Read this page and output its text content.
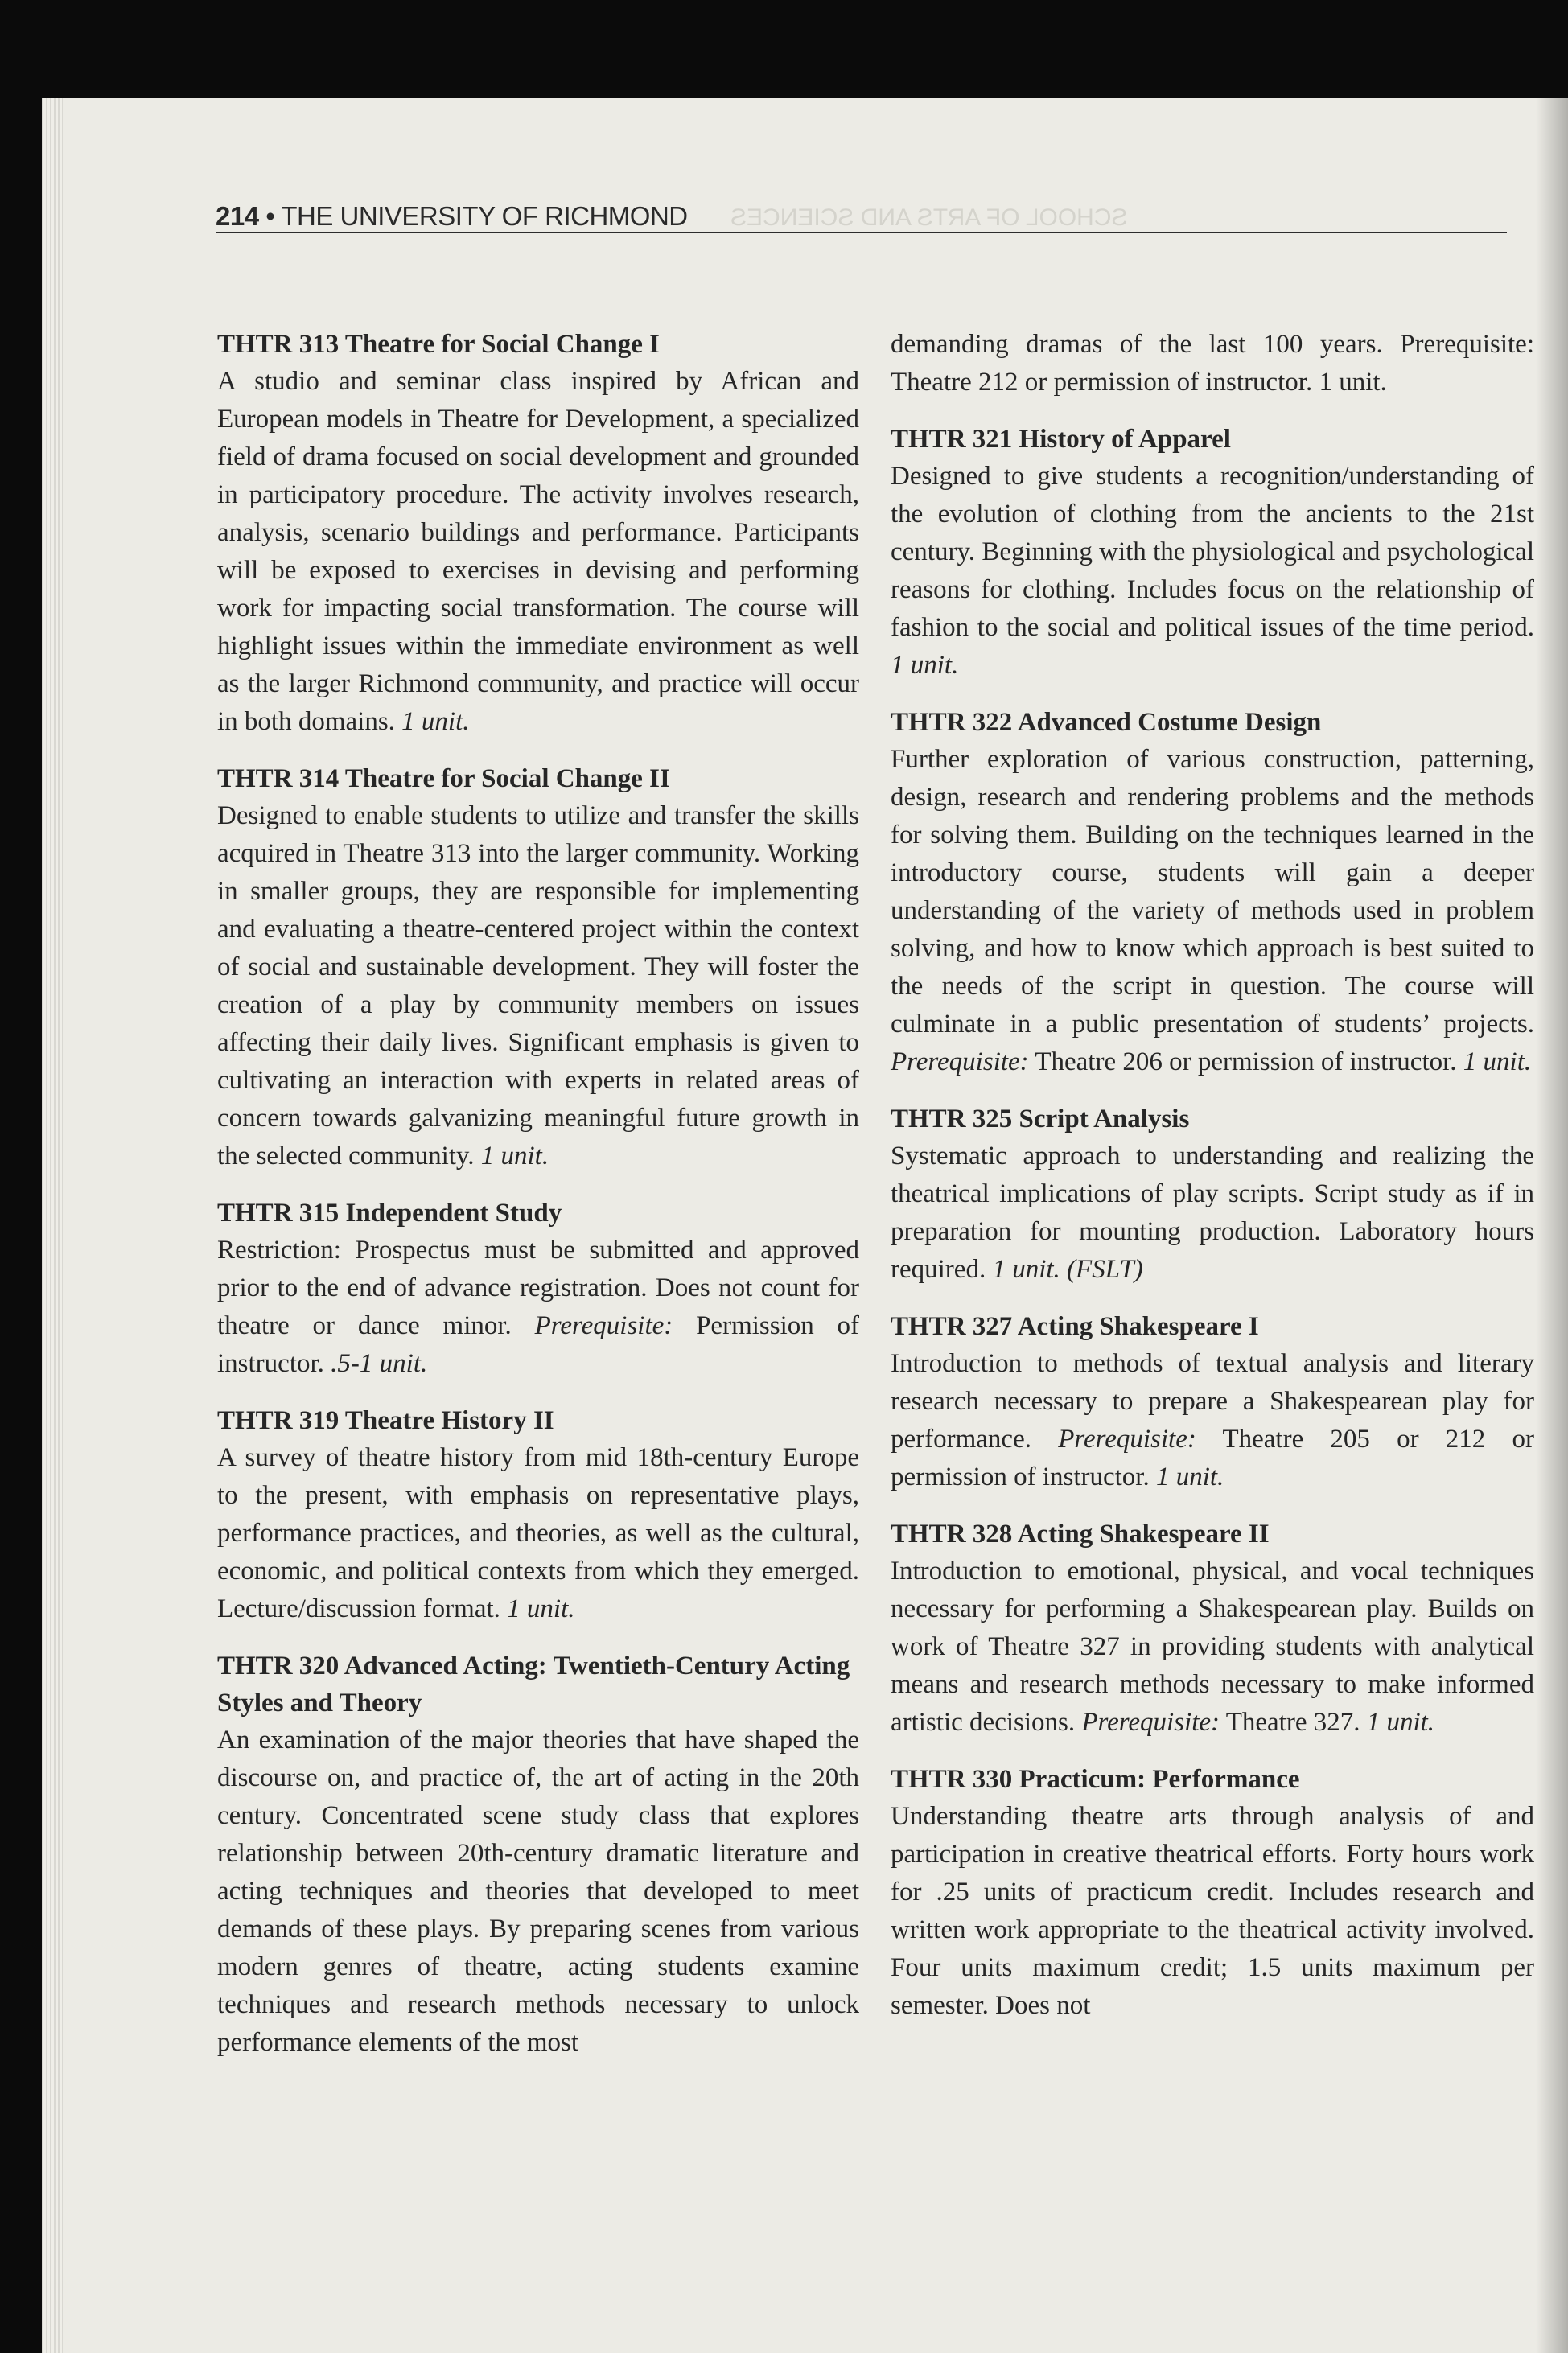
214 • THE UNIVERSITY OF RICHMOND SCHOOL OF ARTS AND SCIENCES

THTR 313 Theatre for Social Change I

A studio and seminar class inspired by African and European models in Theatre for Development, a specialized field of drama focused on social development and grounded in participatory procedure. The activity involves research, analysis, scenario buildings and performance. Participants will be exposed to exercises in devising and performing work for impacting social transformation. The course will highlight issues within the immediate environment as well as the larger Richmond community, and practice will occur in both domains. 1 unit.

THTR 314 Theatre for Social Change II

Designed to enable students to utilize and transfer the skills acquired in Theatre 313 into the larger community. Working in smaller groups, they are responsible for implementing and evaluating a theatre-centered project within the context of social and sustainable development. They will foster the creation of a play by community members on issues affecting their daily lives. Significant emphasis is given to cultivating an interaction with experts in related areas of concern towards galvanizing meaningful future growth in the selected community. 1 unit.

THTR 315 Independent Study

Restriction: Prospectus must be submitted and approved prior to the end of advance registration. Does not count for theatre or dance minor. Prerequisite: Permission of instructor. .5-1 unit.

THTR 319 Theatre History II

A survey of theatre history from mid 18th-century Europe to the present, with emphasis on representative plays, performance practices, and theories, as well as the cultural, economic, and political contexts from which they emerged. Lecture/discussion format. 1 unit.

THTR 320 Advanced Acting: Twentieth-Century Acting Styles and Theory

An examination of the major theories that have shaped the discourse on, and practice of, the art of acting in the 20th century. Concentrated scene study class that explores relationship between 20th-century dramatic literature and acting techniques and theories that developed to meet demands of these plays. By preparing scenes from various modern genres of theatre, acting students examine techniques and research methods necessary to unlock performance elements of the most

demanding dramas of the last 100 years. Prerequisite: Theatre 212 or permission of instructor. 1 unit.

THTR 321 History of Apparel

Designed to give students a recognition/understanding of the evolution of clothing from the ancients to the 21st century. Beginning with the physiological and psychological reasons for clothing. Includes focus on the relationship of fashion to the social and political issues of the time period. 1 unit.

THTR 322 Advanced Costume Design

Further exploration of various construction, patterning, design, research and rendering problems and the methods for solving them. Building on the techniques learned in the introductory course, students will gain a deeper understanding of the variety of methods used in problem solving, and how to know which approach is best suited to the needs of the script in question. The course will culminate in a public presentation of students’ projects. Prerequisite: Theatre 206 or permission of instructor. 1 unit.

THTR 325 Script Analysis

Systematic approach to understanding and realizing the theatrical implications of play scripts. Script study as if in preparation for mounting production. Laboratory hours required. 1 unit. (FSLT)

THTR 327 Acting Shakespeare I

Introduction to methods of textual analysis and literary research necessary to prepare a Shakespearean play for performance. Prerequisite: Theatre 205 or 212 or permission of instructor. 1 unit.

THTR 328 Acting Shakespeare II

Introduction to emotional, physical, and vocal techniques necessary for performing a Shakespearean play. Builds on work of Theatre 327 in providing students with analytical means and research methods necessary to make informed artistic decisions. Prerequisite: Theatre 327. 1 unit.

THTR 330 Practicum: Performance

Understanding theatre arts through analysis of and participation in creative theatrical efforts. Forty hours work for .25 units of practicum credit. Includes research and written work appropriate to the theatrical activity involved. Four units maximum credit; 1.5 units maximum per semester. Does not
